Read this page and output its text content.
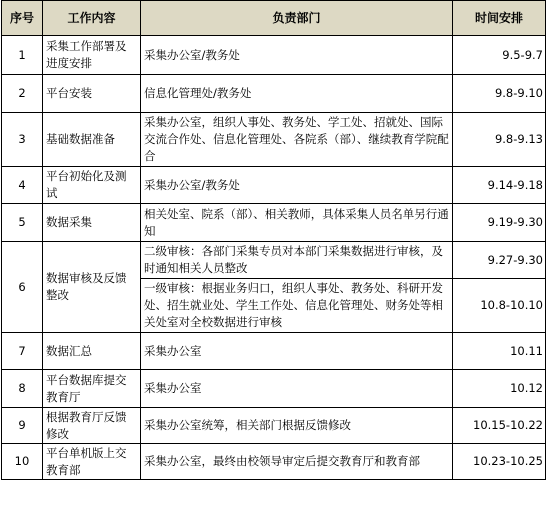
序号	工作内容	负责部门	时间安排
1	采集工作部署及进度安排	采集办公室/教务处	9.5-9.7
2	平台安装	信息化管理处/教务处	9.8-9.10
3	基础数据准备	采集办公室，组织人事处、教务处、学工处、招就处、国际交流合作处、信息化管理处、各院系（部）、继续教育学院配合	9.8-9.13
4	平台初始化及测试	采集办公室/教务处	9.14-9.18
5	数据采集	相关处室、院系（部）、相关教师，具体采集人员名单另行通知	9.19-9.30
6	数据审核及反馈整改	二级审核：各部门采集专员对本部门采集数据进行审核，及时通知相关人员整改	9.27-9.30
		一级审核：根据业务归口，组织人事处、教务处、科研开发处、招生就业处、学生工作处、信息化管理处、财务处等相关处室对全校数据进行审核	10.8-10.10
7	数据汇总	采集办公室	10.11
8	平台数据库提交教育厅	采集办公室	10.12
9	根据教育厅反馈修改	采集办公室统筹，相关部门根据反馈修改	10.15-10.22
10	平台单机版上交教育部	采集办公室，最终由校领导审定后提交教育厅和教育部	10.23-10.25
